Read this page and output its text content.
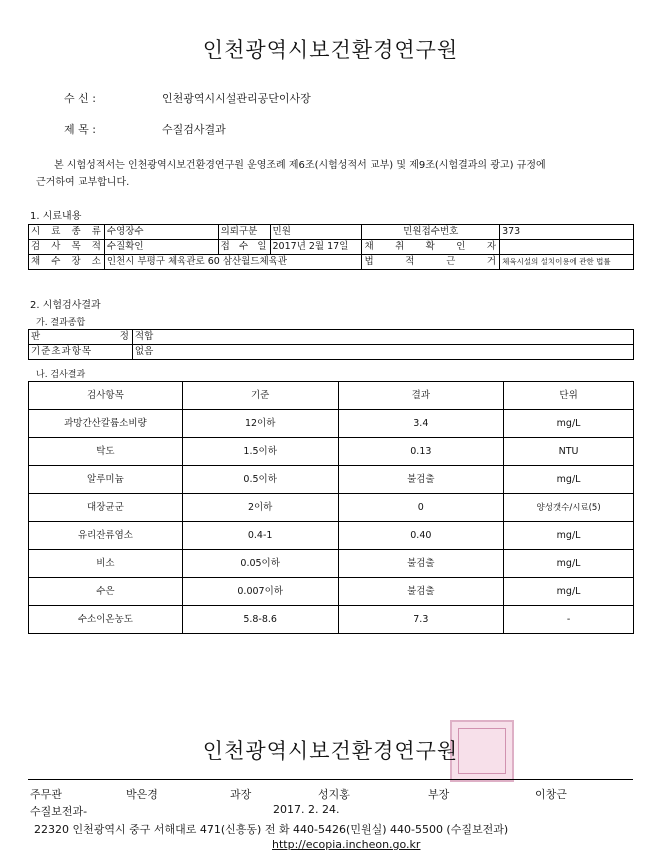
인천광역시보건환경연구원
수 신 :	인천광역시시설관리공단이사장
제 목 :	수질검사결과
본 시험성적서는 인천광역시보건환경연구원 운영조례 제6조(시험성적서 교부) 및 제9조(시험결과의 광고) 규정에
근거하여 교부합니다.
1. 시료내용
시 료 종 류	수영장수	의뢰구분	민원	민원접수번호	373
검 사 목 적	수질확인	접 수 일	2017년 2월 17일	채 취 확 인 자	
채 수 장 소	인천시 부평구 체육관로 60 삼산월드체육관			법 적 근 거	체육시설의 설치이용에 관한 법률
2. 시험검사결과
가. 결과종합
판 정	적합
기준초과항목	없음
나. 검사결과
검사항목	기준	결과	단위
과망간산칼륨소비량	12이하	3.4	mg/L
탁도	1.5이하	0.13	NTU
알루미늄	0.5이하	불검출	mg/L
대장균군	2이하	0	양성갯수/시료(5)
유리잔류염소	0.4-1	0.40	mg/L
비소	0.05이하	불검출	mg/L
수은	0.007이하	불검출	mg/L
수소이온농도	5.8-8.6	7.3	-
인천광역시보건환경연구원
주무관	박은경	과장	성지홍	부장	이창근
수질보전과-	2017. 2. 24.
22320 인천광역시 중구 서해대로 471(신흥동) 전 화 440-5426(민원실) 440-5500 (수질보전과)
http://ecopia.incheon.go.kr
